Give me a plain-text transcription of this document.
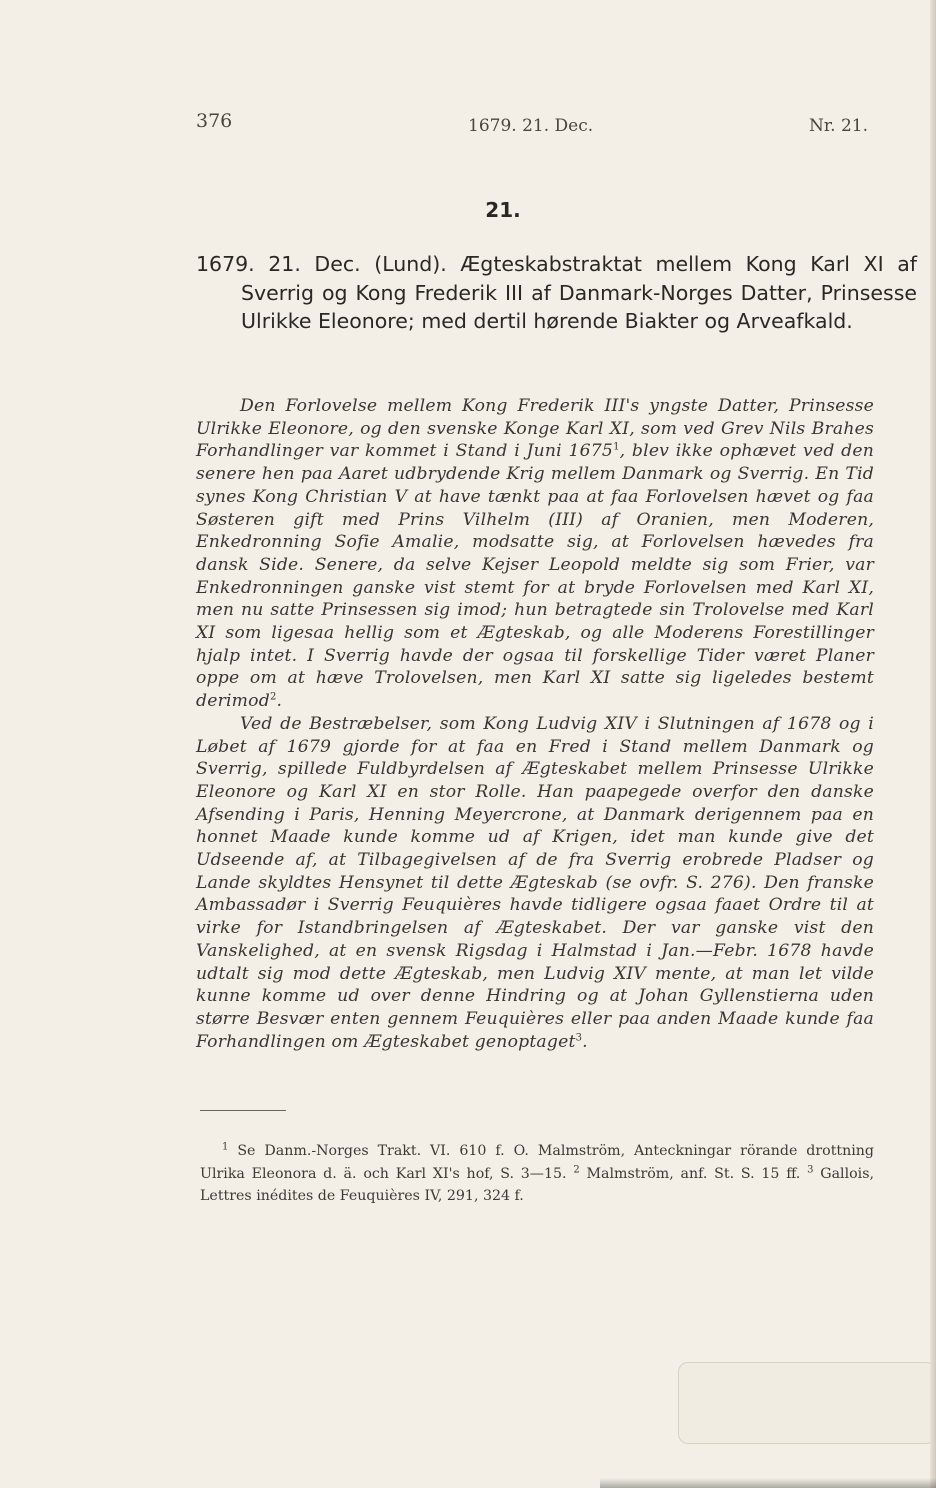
376	1679. 21. Dec.	Nr. 21.
21.
1679. 21. Dec. (Lund). Ægteskabstraktat mellem Kong Karl XI af Sverrig og Kong Frederik III af Danmark-Norges Datter, Prinsesse Ulrikke Eleonore; med dertil hørende Biakter og Arveafkald.

Den Forlovelse mellem Kong Frederik III's yngste Datter, Prinsesse Ulrikke Eleonore, og den svenske Konge Karl XI, som ved Grev Nils Brahes Forhandlinger var kommet i Stand i Juni 1675$^1$, blev ikke ophævet ved den senere hen paa Aaret udbrydende Krig mellem Danmark og Sverrig. En Tid synes Kong Christian V at have tænkt paa at faa Forlovelsen hævet og faa Søsteren gift med Prins Vilhelm (III) af Oranien, men Moderen, Enkedronning Sofie Amalie, modsatte sig, at Forlovelsen hævedes fra dansk Side. Senere, da selve Kejser Leopold meldte sig som Frier, var Enkedronningen ganske vist stemt for at bryde Forlovelsen med Karl XI, men nu satte Prinsessen sig imod; hun betragtede sin Trolovelse med Karl XI som ligesaa hellig som et Ægteskab, og alle Moderens Forestillinger hjalp intet. I Sverrig havde der ogsaa til forskellige Tider været Planer oppe om at hæve Trolovelsen, men Karl XI satte sig ligeledes bestemt derimod$^2$.

Ved de Bestræbelser, som Kong Ludvig XIV i Slutningen af 1678 og i Løbet af 1679 gjorde for at faa en Fred i Stand mellem Danmark og Sverrig, spillede Fuldbyrdelsen af Ægteskabet mellem Prinsesse Ulrikke Eleonore og Karl XI en stor Rolle. Han paapegede overfor den danske Afsending i Paris, Henning Meyercrone, at Danmark derigennem paa en honnet Maade kunde komme ud af Krigen, idet man kunde give det Udseende af, at Tilbagegivelsen af de fra Sverrig erobrede Pladser og Lande skyldtes Hensynet til dette Ægteskab (se ovfr. S. 276). Den franske Ambassadør i Sverrig Feuquières havde tidligere ogsaa faaet Ordre til at virke for Istandbringelsen af Ægteskabet. Der var ganske vist den Vanskelighed, at en svensk Rigsdag i Halmstad i Jan.—Febr. 1678 havde udtalt sig mod dette Ægteskab, men Ludvig XIV mente, at man let vilde kunne komme ud over denne Hindring og at Johan Gyllenstierna uden større Besvær enten gennem Feuquières eller paa anden Maade kunde faa Forhandlingen om Ægteskabet genoptaget$^3$.

$^1$ Se Danm.-Norges Trakt. VI. 610 f. O. Malmström, Anteckningar rörande drottning Ulrika Eleonora d. ä. och Karl XI's hof, S. 3—15. $^2$ Malmström, anf. St. S. 15 ff. $^3$ Gallois, Lettres inédites de Feuquières IV, 291, 324 f.
